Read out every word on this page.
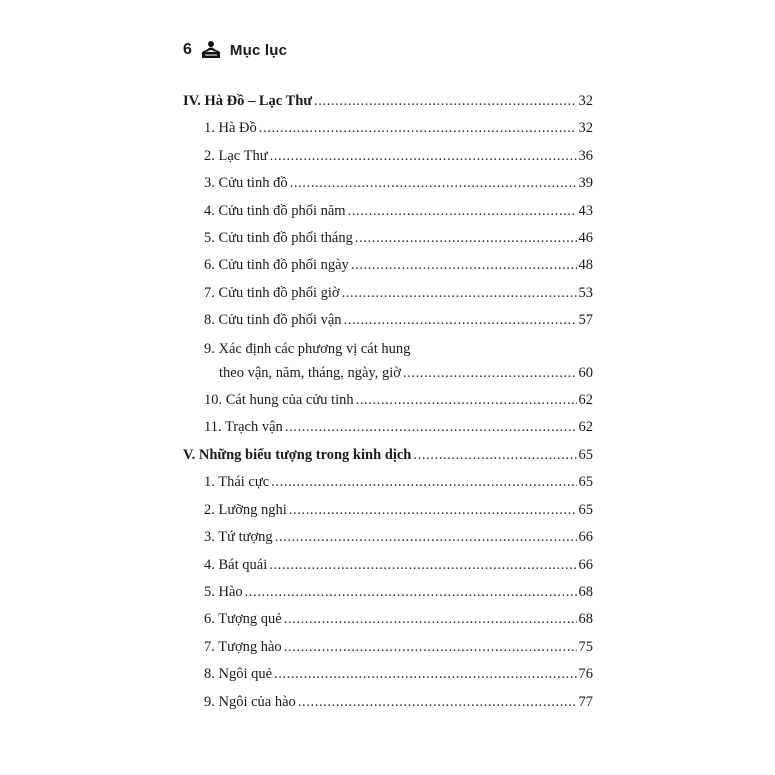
6	Mục lục
IV. Hà Đồ – Lạc Thư .....	32
1. Hà Đồ .....	32
2. Lạc Thư .....	36
3. Cửu tinh đồ .....	39
4. Cửu tinh đồ phối năm .....	43
5. Cửu tinh đồ phối tháng .....	46
6. Cửu tinh đồ phối ngày .....	48
7. Cửu tinh đồ phối giờ .....	53
8. Cửu tinh đồ phối vận .....	57
9. Xác định các phương vị cát hung
theo vận, năm, tháng, ngày, giờ .....	60
10. Cát hung của cửu tinh .....	62
11. Trạch vận .....	62
V. Những biểu tượng trong kinh dịch .....	65
1. Thái cực .....	65
2. Lưỡng nghi .....	65
3. Tứ tượng .....	66
4. Bát quái .....	66
5. Hào .....	68
6. Tượng quẻ .....	68
7. Tượng hào .....	75
8. Ngôi quẻ .....	76
9. Ngôi của hào .....	77
